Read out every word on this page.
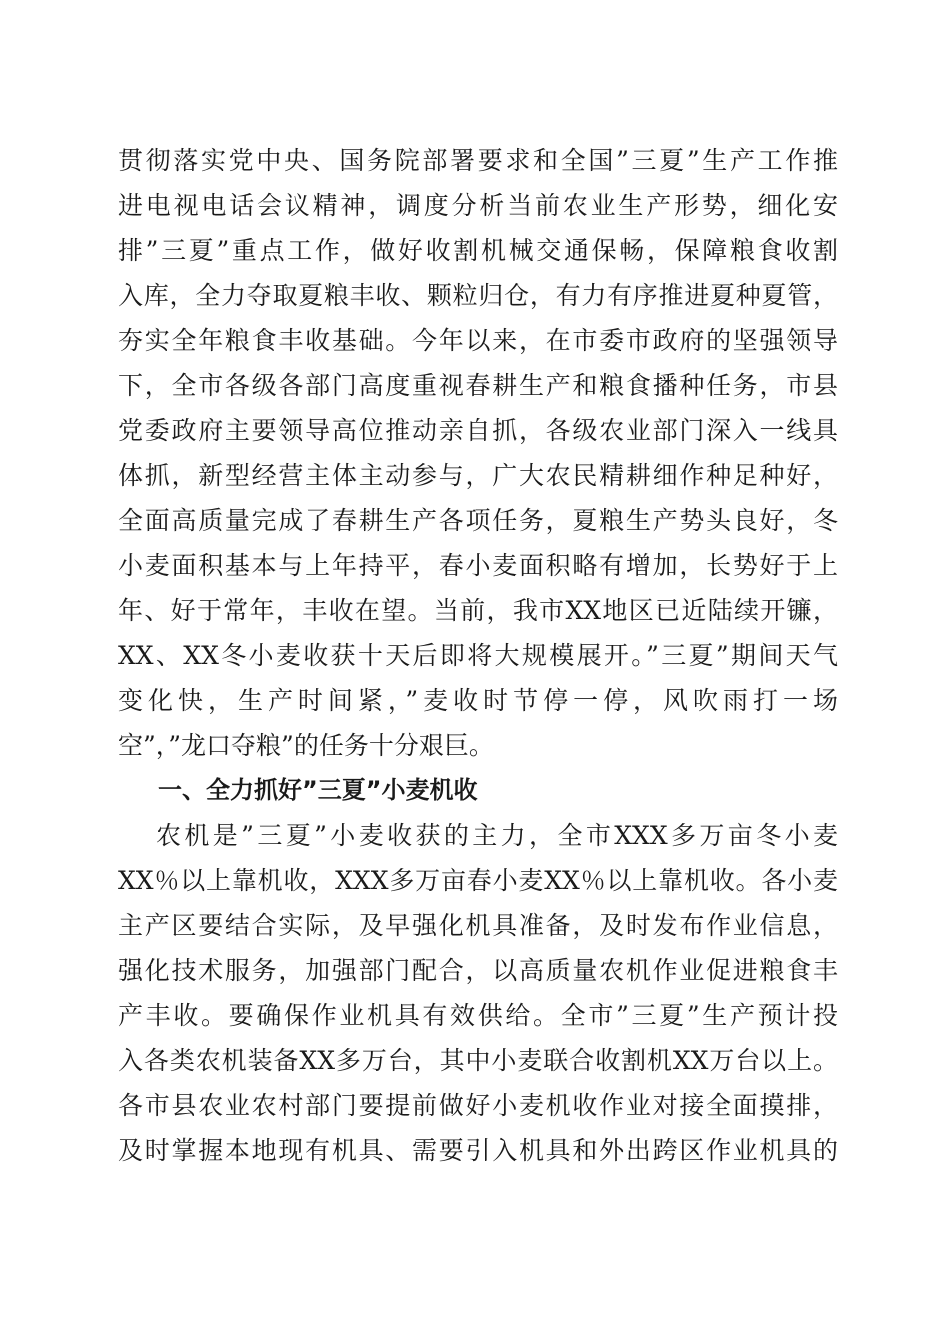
贯彻落实党中央、国务院部署要求和全国”三夏”生产工作推
进电视电话会议精神，调度分析当前农业生产形势，细化安
排”三夏”重点工作，做好收割机械交通保畅，保障粮食收割
入库，全力夺取夏粮丰收、颗粒归仓，有力有序推进夏种夏管，
夯实全年粮食丰收基础。今年以来，在市委市政府的坚强领导
下，全市各级各部门高度重视春耕生产和粮食播种任务，市县
党委政府主要领导高位推动亲自抓，各级农业部门深入一线具
体抓，新型经营主体主动参与，广大农民精耕细作种足种好，
全面高质量完成了春耕生产各项任务，夏粮生产势头良好，冬
小麦面积基本与上年持平，春小麦面积略有增加，长势好于上
年、好于常年，丰收在望。当前，我市XX地区已近陆续开镰，
XX、XX冬小麦收获十天后即将大规模展开。”三夏”期间天气
变化快，生产时间紧，”麦收时节停一停，风吹雨打一场
空”，”龙口夺粮”的任务十分艰巨。
一、全力抓好”三夏”小麦机收
农机是”三夏”小麦收获的主力，全市XXX多万亩冬小麦
XX％以上靠机收，XXX多万亩春小麦XX％以上靠机收。各小麦
主产区要结合实际，及早强化机具准备，及时发布作业信息，
强化技术服务，加强部门配合，以高质量农机作业促进粮食丰
产丰收。要确保作业机具有效供给。全市”三夏”生产预计投
入各类农机装备XX多万台，其中小麦联合收割机XX万台以上。
各市县农业农村部门要提前做好小麦机收作业对接全面摸排，
及时掌握本地现有机具、需要引入机具和外出跨区作业机具的
